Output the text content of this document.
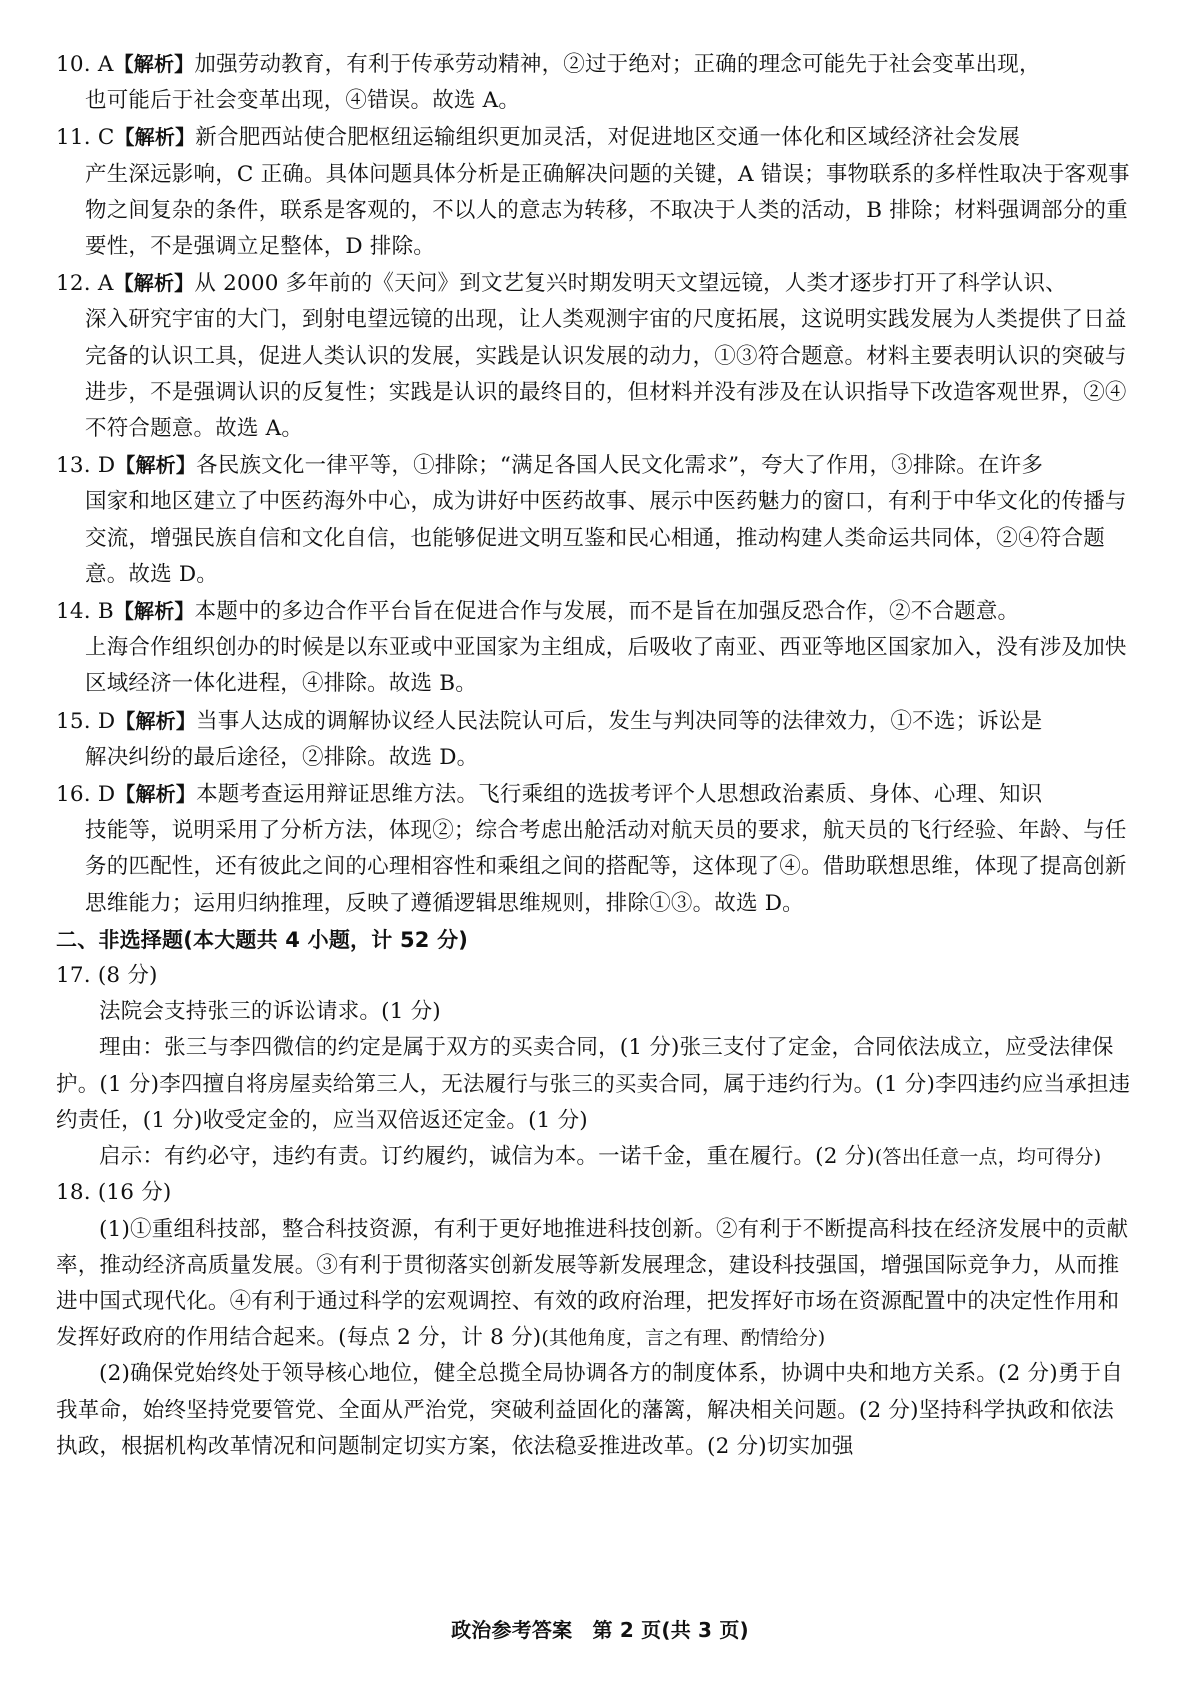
10. A【解析】加强劳动教育，有利于传承劳动精神，②过于绝对；正确的理念可能先于社会变革出现，
也可能后于社会变革出现，④错误。故选 A。
11. C【解析】新合肥西站使合肥枢纽运输组织更加灵活，对促进地区交通一体化和区域经济社会发展
产生深远影响，C 正确。具体问题具体分析是正确解决问题的关键，A 错误；事物联系的多样性取决于客观事物之间复杂的条件，联系是客观的，不以人的意志为转移，不取决于人类的活动，B 排除；材料强调部分的重要性，不是强调立足整体，D 排除。
12. A【解析】从 2000 多年前的《天问》到文艺复兴时期发明天文望远镜，人类才逐步打开了科学认识、
深入研究宇宙的大门，到射电望远镜的出现，让人类观测宇宙的尺度拓展，这说明实践发展为人类提供了日益完备的认识工具，促进人类认识的发展，实践是认识发展的动力，①③符合题意。材料主要表明认识的突破与进步，不是强调认识的反复性；实践是认识的最终目的，但材料并没有涉及在认识指导下改造客观世界，②④不符合题意。故选 A。
13. D【解析】各民族文化一律平等，①排除；“满足各国人民文化需求”，夸大了作用，③排除。在许多
国家和地区建立了中医药海外中心，成为讲好中医药故事、展示中医药魅力的窗口，有利于中华文化的传播与交流，增强民族自信和文化自信，也能够促进文明互鉴和民心相通，推动构建人类命运共同体，②④符合题意。故选 D。
14. B【解析】本题中的多边合作平台旨在促进合作与发展，而不是旨在加强反恐合作，②不合题意。
上海合作组织创办的时候是以东亚或中亚国家为主组成，后吸收了南亚、西亚等地区国家加入，没有涉及加快区域经济一体化进程，④排除。故选 B。
15. D【解析】当事人达成的调解协议经人民法院认可后，发生与判决同等的法律效力，①不选；诉讼是
解决纠纷的最后途径，②排除。故选 D。
16. D【解析】本题考查运用辩证思维方法。飞行乘组的选拔考评个人思想政治素质、身体、心理、知识
技能等，说明采用了分析方法，体现②；综合考虑出舱活动对航天员的要求，航天员的飞行经验、年龄、与任务的匹配性，还有彼此之间的心理相容性和乘组之间的搭配等，这体现了④。借助联想思维，体现了提高创新思维能力；运用归纳推理，反映了遵循逻辑思维规则，排除①③。故选 D。

二、非选择题(本大题共 4 小题，计 52 分)

17. (8 分)

法院会支持张三的诉讼请求。(1 分)

理由：张三与李四微信的约定是属于双方的买卖合同，(1 分)张三支付了定金，合同依法成立，应受法律保护。(1 分)李四擅自将房屋卖给第三人，无法履行与张三的买卖合同，属于违约行为。(1 分)李四违约应当承担违约责任，(1 分)收受定金的，应当双倍返还定金。(1 分)

启示：有约必守，违约有责。订约履约，诚信为本。一诺千金，重在履行。(2 分)(答出任意一点，均可得分)

18. (16 分)

(1)①重组科技部，整合科技资源，有利于更好地推进科技创新。②有利于不断提高科技在经济发展中的贡献率，推动经济高质量发展。③有利于贯彻落实创新发展等新发展理念，建设科技强国，增强国际竞争力，从而推进中国式现代化。④有利于通过科学的宏观调控、有效的政府治理，把发挥好市场在资源配置中的决定性作用和发挥好政府的作用结合起来。(每点 2 分，计 8 分)(其他角度，言之有理、酌情给分)

(2)确保党始终处于领导核心地位，健全总揽全局协调各方的制度体系，协调中央和地方关系。(2 分)勇于自我革命，始终坚持党要管党、全面从严治党，突破利益固化的藩篱，解决相关问题。(2 分)坚持科学执政和依法执政，根据机构改革情况和问题制定切实方案，依法稳妥推进改革。(2 分)切实加强

政治参考答案　第 2 页(共 3 页)
